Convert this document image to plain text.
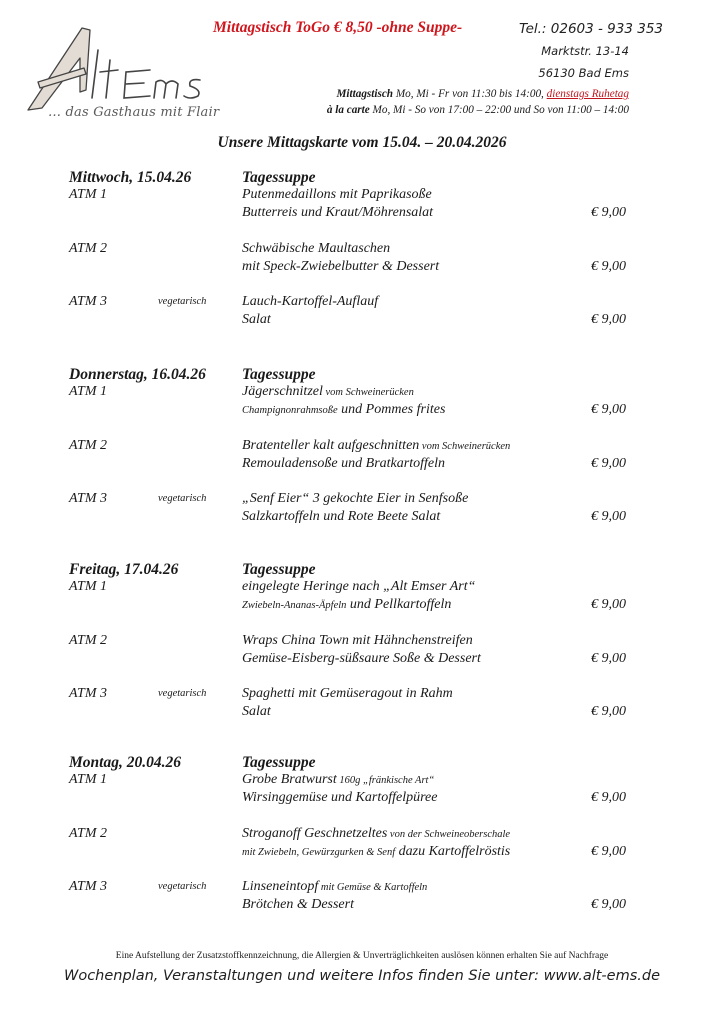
… das Gasthaus mit Flair
Mittagstisch ToGo € 8,50 -ohne Suppe-	Tel.: 02603 - 933 353
Marktstr. 13-14
56130 Bad Ems
Mittagstisch Mo, Mi - Fr von 11:30 bis 14:00, dienstags Ruhetag
à la carte Mo, Mi - So von 17:00 – 22:00 und So von 11:00 – 14:00
Unsere Mittagskarte vom 15.04. – 20.04.2026
Mittwoch, 15.04.26	Tagessuppe
ATM 1	Putenmedaillons mit Paprikasoße
Butterreis und Kraut/Möhrensalat	€ 9,00
ATM 2	Schwäbische Maultaschen
mit Speck-Zwiebelbutter & Dessert	€ 9,00
ATM 3	vegetarisch	Lauch-Kartoffel-Auflauf
Salat	€ 9,00
Donnerstag, 16.04.26 Tagessuppe
ATM 1	Jägerschnitzel vom Schweinerücken
Champignonrahmsoße und Pommes frites	€ 9,00
ATM 2	Bratenteller kalt aufgeschnitten vom Schweinerücken
Remouladensoße und Bratkartoffeln	€ 9,00
ATM 3	vegetarisch	„Senf Eier“ 3 gekochte Eier in Senfsoße
Salzkartoffeln und Rote Beete Salat	€ 9,00
Freitag, 17.04.26	Tagessuppe
ATM 1	eingelegte Heringe nach „Alt Emser Art“
Zwiebeln-Ananas-Äpfeln und Pellkartoffeln	€ 9,00
ATM 2	Wraps China Town mit Hähnchenstreifen
Gemüse-Eisberg-süßsaure Soße & Dessert	€ 9,00
ATM 3	vegetarisch	Spaghetti mit Gemüseragout in Rahm
Salat	€ 9,00
Montag, 20.04.26	Tagessuppe
ATM 1	Grobe Bratwurst 160g „fränkische Art“
Wirsinggemüse und Kartoffelpüree	€ 9,00
ATM 2	Stroganoff Geschnetzeltes von der Schweineoberschale
mit Zwiebeln, Gewürzgurken & Senf dazu Kartoffelröstis	€ 9,00
ATM 3	vegetarisch	Linseneintopf mit Gemüse & Kartoffeln
Brötchen & Dessert	€ 9,00
Eine Aufstellung der Zusatzstoffkennzeichnung, die Allergien & Unverträglichkeiten auslösen können erhalten Sie auf Nachfrage
Wochenplan, Veranstaltungen und weitere Infos finden Sie unter: www.alt-ems.de
